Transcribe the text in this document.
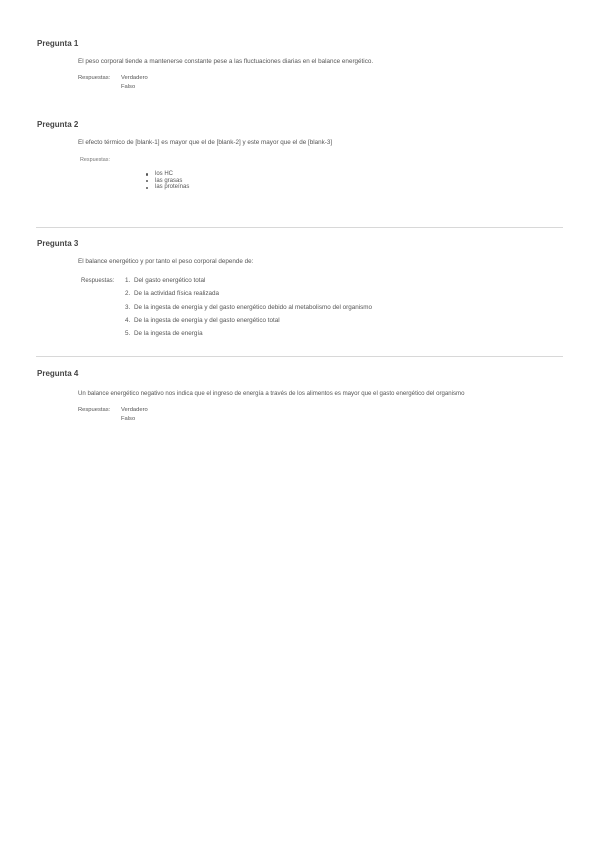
Pregunta 1
El peso corporal tiende a mantenerse constante pese a las fluctuaciones diarias en el balance energético.
Respuestas: Verdadero
Falso
Pregunta 2
El efecto térmico de [blank-1] es mayor que el de [blank-2] y este mayor que el de [blank-3]
Respuestas:
los HC
las grasas
las proteínas
Pregunta 3
El balance energético y por tanto el peso corporal depende de:
Respuestas: 1. Del gasto energético total
2. De la actividad física realizada
3. De la ingesta de energía y del gasto energético debido al metabolismo del organismo
4. De la ingesta de energía y del gasto energético total
5. De la ingesta de energía
Pregunta 4
Un balance energético negativo nos indica que el ingreso de energía a través de los alimentos es mayor que el gasto energético del organismo
Respuestas: Verdadero
Falso
